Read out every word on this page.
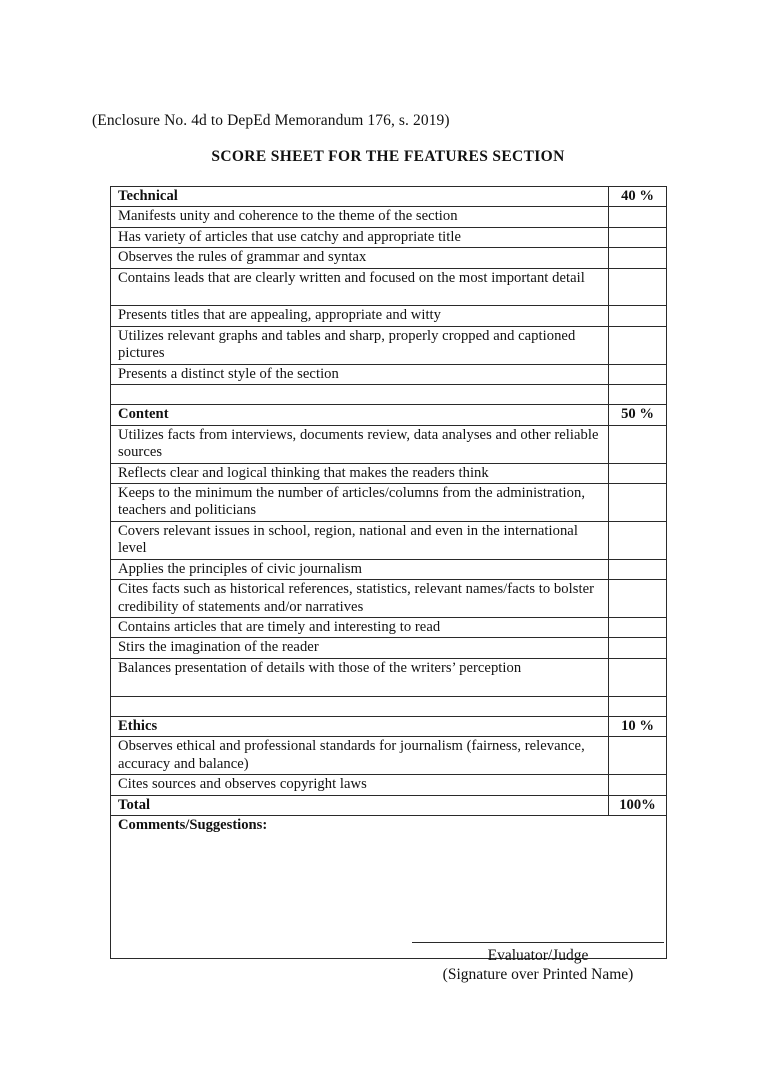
(Enclosure No. 4d to DepEd Memorandum 176, s. 2019)
SCORE SHEET FOR THE FEATURES SECTION
Technical	40 %

Manifests unity and coherence to the theme of the section	

Has variety of articles that use catchy and appropriate title	

Observes the rules of grammar and syntax	

Contains leads that are clearly written and focused on the most important detail	

Presents titles that are appealing, appropriate and witty	

Utilizes relevant graphs and tables and sharp, properly cropped and captioned pictures	

Presents a distinct style of the section	

Content	50 %

Utilizes facts from interviews, documents review, data analyses and other reliable sources	

Reflects clear and logical thinking that makes the readers think	

Keeps to the minimum the number of articles/columns from the administration, teachers and politicians	

Covers relevant issues in school, region, national and even in the international level	

Applies the principles of civic journalism	

Cites facts such as historical references, statistics, relevant names/facts to bolster credibility of statements and/or narratives	

Contains articles that are timely and interesting to read	

Stirs the imagination of the reader	

Balances presentation of details with those of the writers’ perception	

Ethics	10 %

Observes ethical and professional standards for journalism (fairness, relevance, accuracy and balance)	

Cites sources and observes copyright laws	

Total	100%

Comments/Suggestions:	
Evaluator/Judge
(Signature over Printed Name)
